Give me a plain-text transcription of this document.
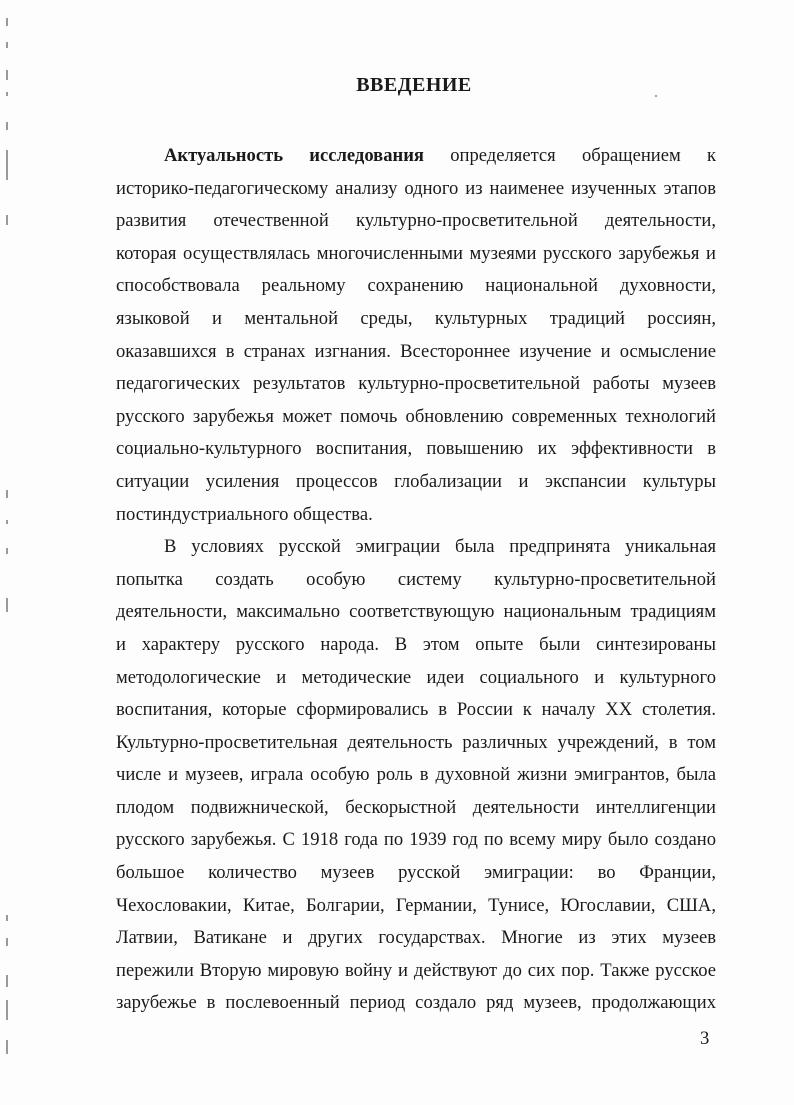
ВВЕДЕНИЕ
Актуальность исследования определяется обращением к
историко-педагогическому анализу одного из наименее изученных этапов
развития отечественной культурно-просветительной деятельности,
которая осуществлялась многочисленными музеями русского зарубежья и
способствовала реальному сохранению национальной духовности,
языковой и ментальной среды, культурных традиций россиян,
оказавшихся в странах изгнания. Всестороннее изучение и осмысление
педагогических результатов культурно-просветительной работы музеев
русского зарубежья может помочь обновлению современных технологий
социально-культурного воспитания, повышению их эффективности в
ситуации усиления процессов глобализации и экспансии культуры
постиндустриального общества.
В условиях русской эмиграции была предпринята уникальная
попытка создать особую систему культурно-просветительной
деятельности, максимально соответствующую национальным традициям
и характеру русского народа. В этом опыте были синтезированы
методологические и методические идеи социального и культурного
воспитания, которые сформировались в России к началу XX столетия.
Культурно-просветительная деятельность различных учреждений, в том
числе и музеев, играла особую роль в духовной жизни эмигрантов, была
плодом подвижнической, бескорыстной деятельности интеллигенции
русского зарубежья. С 1918 года по 1939 год по всему миру было создано
большое количество музеев русской эмиграции: во Франции,
Чехословакии, Китае, Болгарии, Германии, Тунисе, Югославии, США,
Латвии, Ватикане и других государствах. Многие из этих музеев
пережили Вторую мировую войну и действуют до сих пор. Также русское
зарубежье в послевоенный период создало ряд музеев, продолжающих
3
